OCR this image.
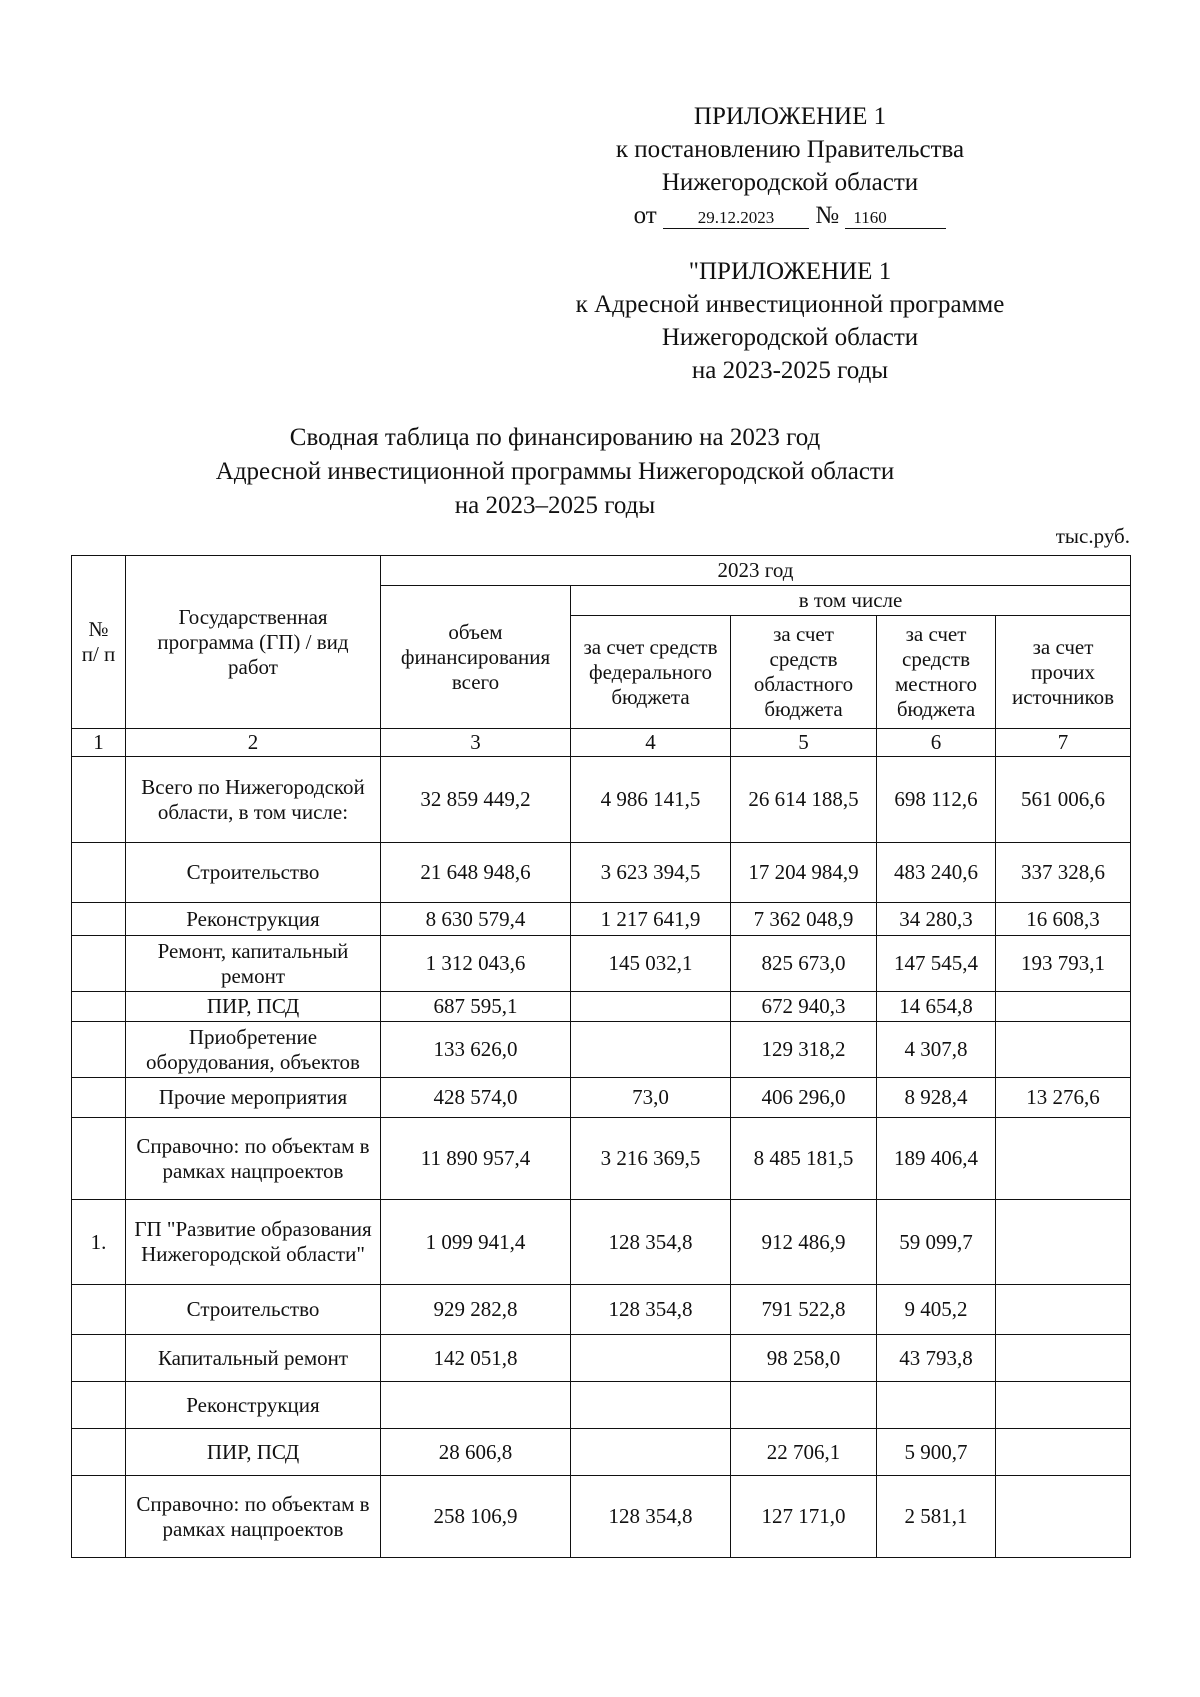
ПРИЛОЖЕНИЕ 1
к постановлению Правительства
Нижегородской области
от 29.12.2023 № 1160
"ПРИЛОЖЕНИЕ 1
к Адресной инвестиционной программе
Нижегородской области
на 2023-2025 годы
Сводная таблица по финансированию на 2023 год
Адресной инвестиционной программы Нижегородской области
на 2023–2025 годы
тыс.руб.
№ п/ п	Государственная программа (ГП) / вид работ	2023 год				
		объем финансирования всего	в том числе			
			за счет средств федерального бюджета	за счет средств областного бюджета	за счет средств местного бюджета	за счет прочих источников
1	2	3	4	5	6	7
	Всего по Нижегородской области, в том числе:	32 859 449,2	4 986 141,5	26 614 188,5	698 112,6	561 006,6
	Строительство	21 648 948,6	3 623 394,5	17 204 984,9	483 240,6	337 328,6
	Реконструкция	8 630 579,4	1 217 641,9	7 362 048,9	34 280,3	16 608,3
	Ремонт, капитальный ремонт	1 312 043,6	145 032,1	825 673,0	147 545,4	193 793,1
	ПИР, ПСД	687 595,1		672 940,3	14 654,8	
	Приобретение оборудования, объектов	133 626,0		129 318,2	4 307,8	
	Прочие мероприятия	428 574,0	73,0	406 296,0	8 928,4	13 276,6
	Справочно: по объектам в рамках нацпроектов	11 890 957,4	3 216 369,5	8 485 181,5	189 406,4	
1.	ГП "Развитие образования Нижегородской области"	1 099 941,4	128 354,8	912 486,9	59 099,7	
	Строительство	929 282,8	128 354,8	791 522,8	9 405,2	
	Капитальный ремонт	142 051,8		98 258,0	43 793,8	
	Реконструкция					
	ПИР, ПСД	28 606,8		22 706,1	5 900,7	
	Справочно: по объектам в рамках нацпроектов	258 106,9	128 354,8	127 171,0	2 581,1	
